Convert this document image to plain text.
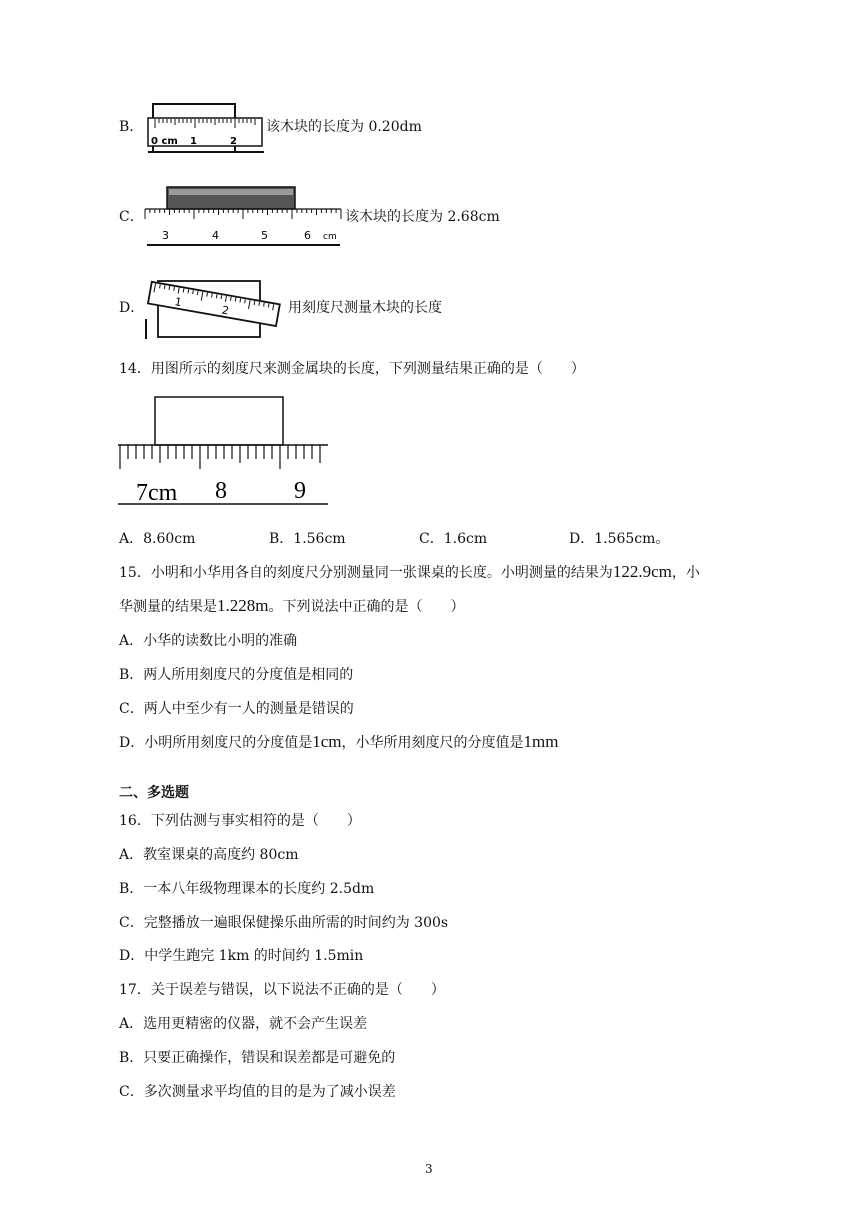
B．
0 cm 1	2
该木块的长度为 0.20dm
C．
3	4	5	6 cm
该木块的长度为 2.68cm
D．	1
2	用刻度尺测量木块的长度
14．用图所示的刻度尺来测金属块的长度，下列测量结果正确的是（　　）
7cm 8	9
A．8.60cm	B．1.56cm	C．1.6cm	D．1.565cm。
15．小明和小华用各自的刻度尺分别测量同一张课桌的长度。小明测量的结果为122.9cm，小
华测量的结果是1.228m。下列说法中正确的是（　　）
A．小华的读数比小明的准确
B．两人所用刻度尺的分度值是相同的
C．两人中至少有一人的测量是错误的
D．小明所用刻度尺的分度值是1cm，小华所用刻度尺的分度值是1mm
二、多选题
16．下列估测与事实相符的是（　　）
A．教室课桌的高度约 80cm
B．一本八年级物理课本的长度约 2.5dm
C．完整播放一遍眼保健操乐曲所需的时间约为 300s
D．中学生跑完 1km 的时间约 1.5min
17．关于误差与错误，以下说法不正确的是（　　）
A．选用更精密的仪器，就不会产生误差
B．只要正确操作，错误和误差都是可避免的
C．多次测量求平均值的目的是为了减小误差
3
